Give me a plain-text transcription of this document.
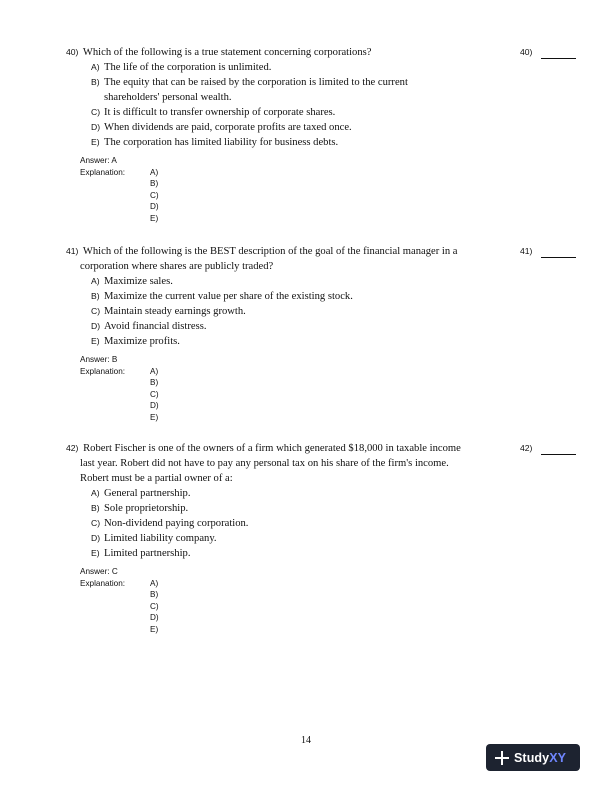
40) Which of the following is a true statement concerning corporations?	40)
A) The life of the corporation is unlimited.
B) The equity that can be raised by the corporation is limited to the current
shareholders' personal wealth.
C) It is difficult to transfer ownership of corporate shares.
D) When dividends are paid, corporate profits are taxed once.
E) The corporation has limited liability for business debts.
Answer: A
Explanation:	A)
B)
C)
D)
E)
41) Which of the following is the BEST description of the goal of the financial manager in a
corporation where shares are publicly traded?
41)
A) Maximize sales.
B) Maximize the current value per share of the existing stock.
C) Maintain steady earnings growth.
D) Avoid financial distress.
E) Maximize profits.
Answer: B
Explanation:	A)
B)
C)
D)
E)
42) Robert Fischer is one of the owners of a firm which generated $18,000 in taxable income
last year. Robert did not have to pay any personal tax on his share of the firm's income.
Robert must be a partial owner of a:
42)
A) General partnership.
B) Sole proprietorship.
C) Non-dividend paying corporation.
D) Limited liability company.
E) Limited partnership.
Answer: C
Explanation:	A)
B)
C)
D)
E)
14
StudyXY
